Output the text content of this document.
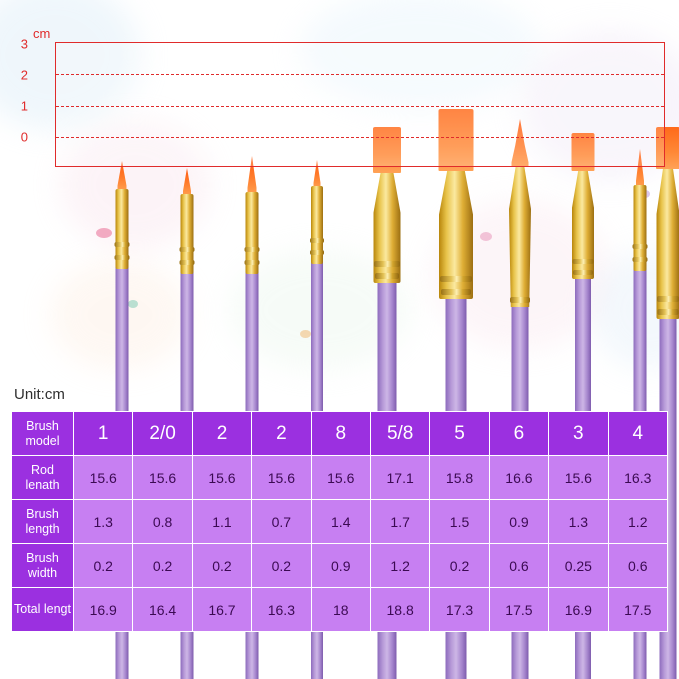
cm
3
2
1
0
Unit:cm
Brush model	1	2/0	2	2	8	5/8	5	6	3	4
Rod lenath	15.6	15.6	15.6	15.6	15.6	17.1	15.8	16.6	15.6	16.3
Brush length	1.3	0.8	1.1	0.7	1.4	1.7	1.5	0.9	1.3	1.2
Brush width	0.2	0.2	0.2	0.2	0.9	1.2	0.2	0.6	0.25	0.6
Total lengt	16.9	16.4	16.7	16.3	18	18.8	17.3	17.5	16.9	17.5
